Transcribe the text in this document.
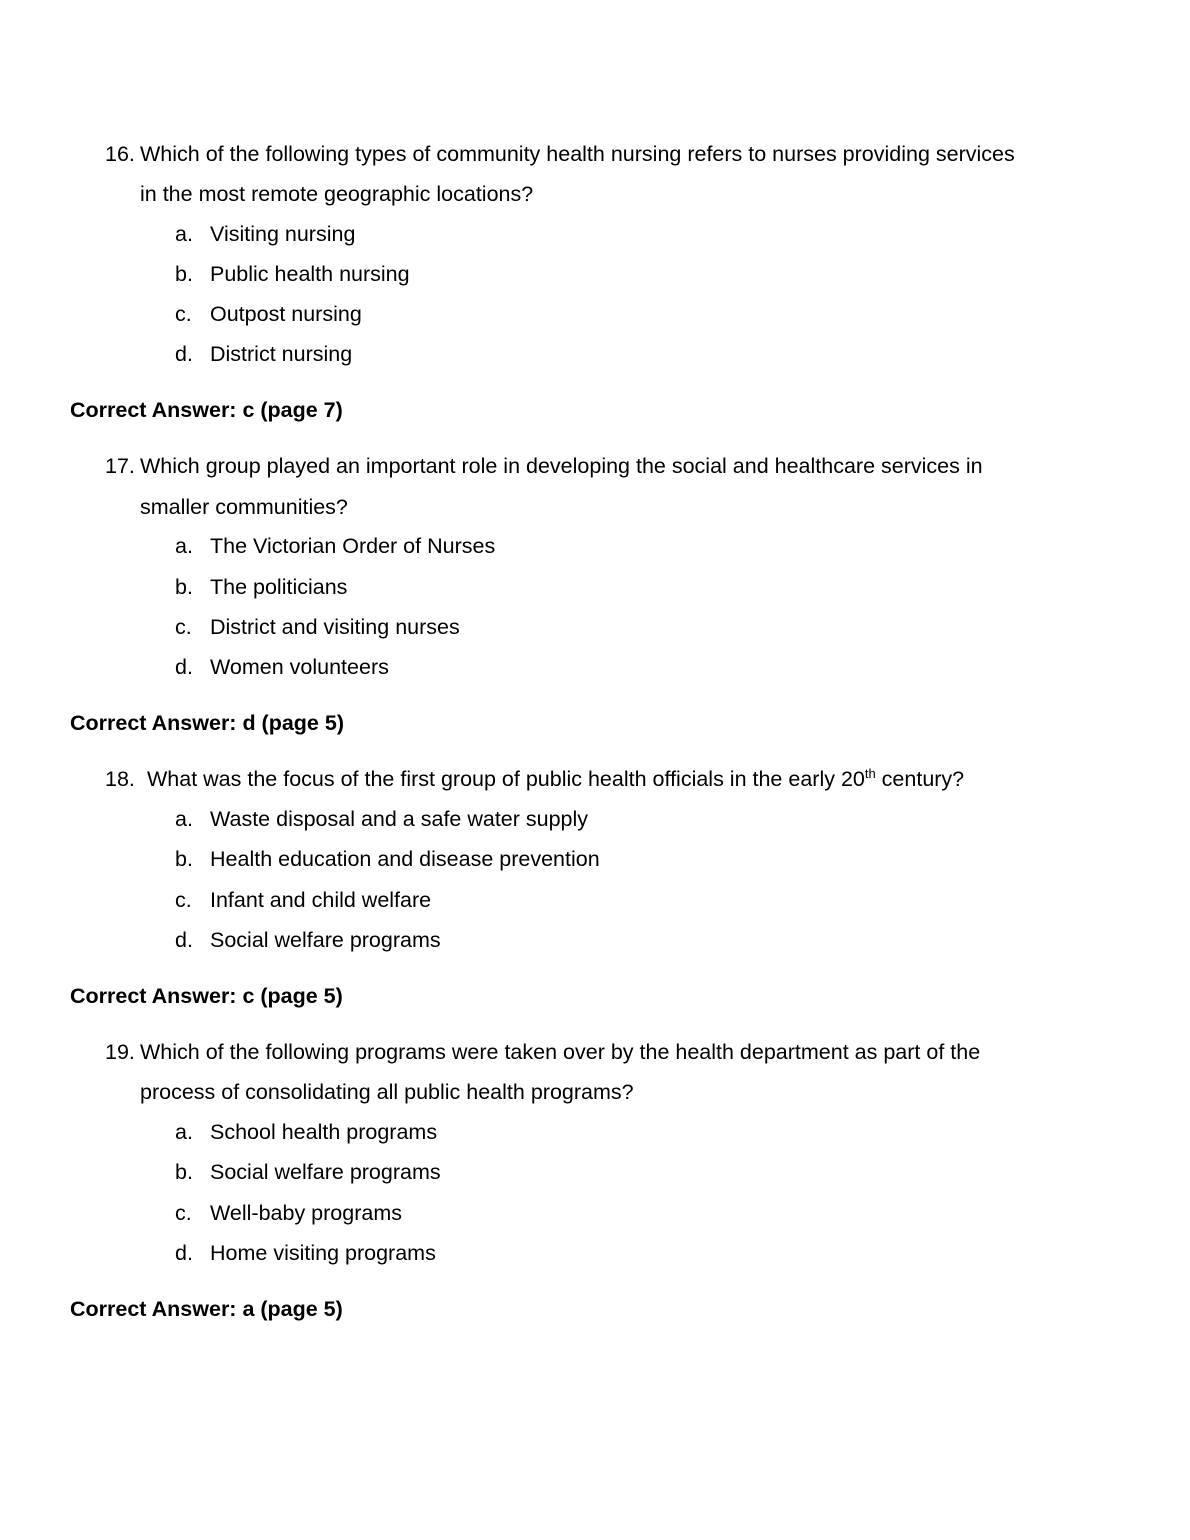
16. Which of the following types of community health nursing refers to nurses providing services
in the most remote geographic locations?
a. Visiting nursing
b. Public health nursing
c. Outpost nursing
d. District nursing
Correct Answer: c (page 7)
17. Which group played an important role in developing the social and healthcare services in
smaller communities?
a. The Victorian Order of Nurses
b. The politicians
c. District and visiting nurses
d. Women volunteers
Correct Answer: d (page 5)
18. What was the focus of the first group of public health officials in the early 20th century?
a. Waste disposal and a safe water supply
b. Health education and disease prevention
c. Infant and child welfare
d. Social welfare programs
Correct Answer: c (page 5)
19. Which of the following programs were taken over by the health department as part of the
process of consolidating all public health programs?
a. School health programs
b. Social welfare programs
c. Well-baby programs
d. Home visiting programs
Correct Answer: a (page 5)
